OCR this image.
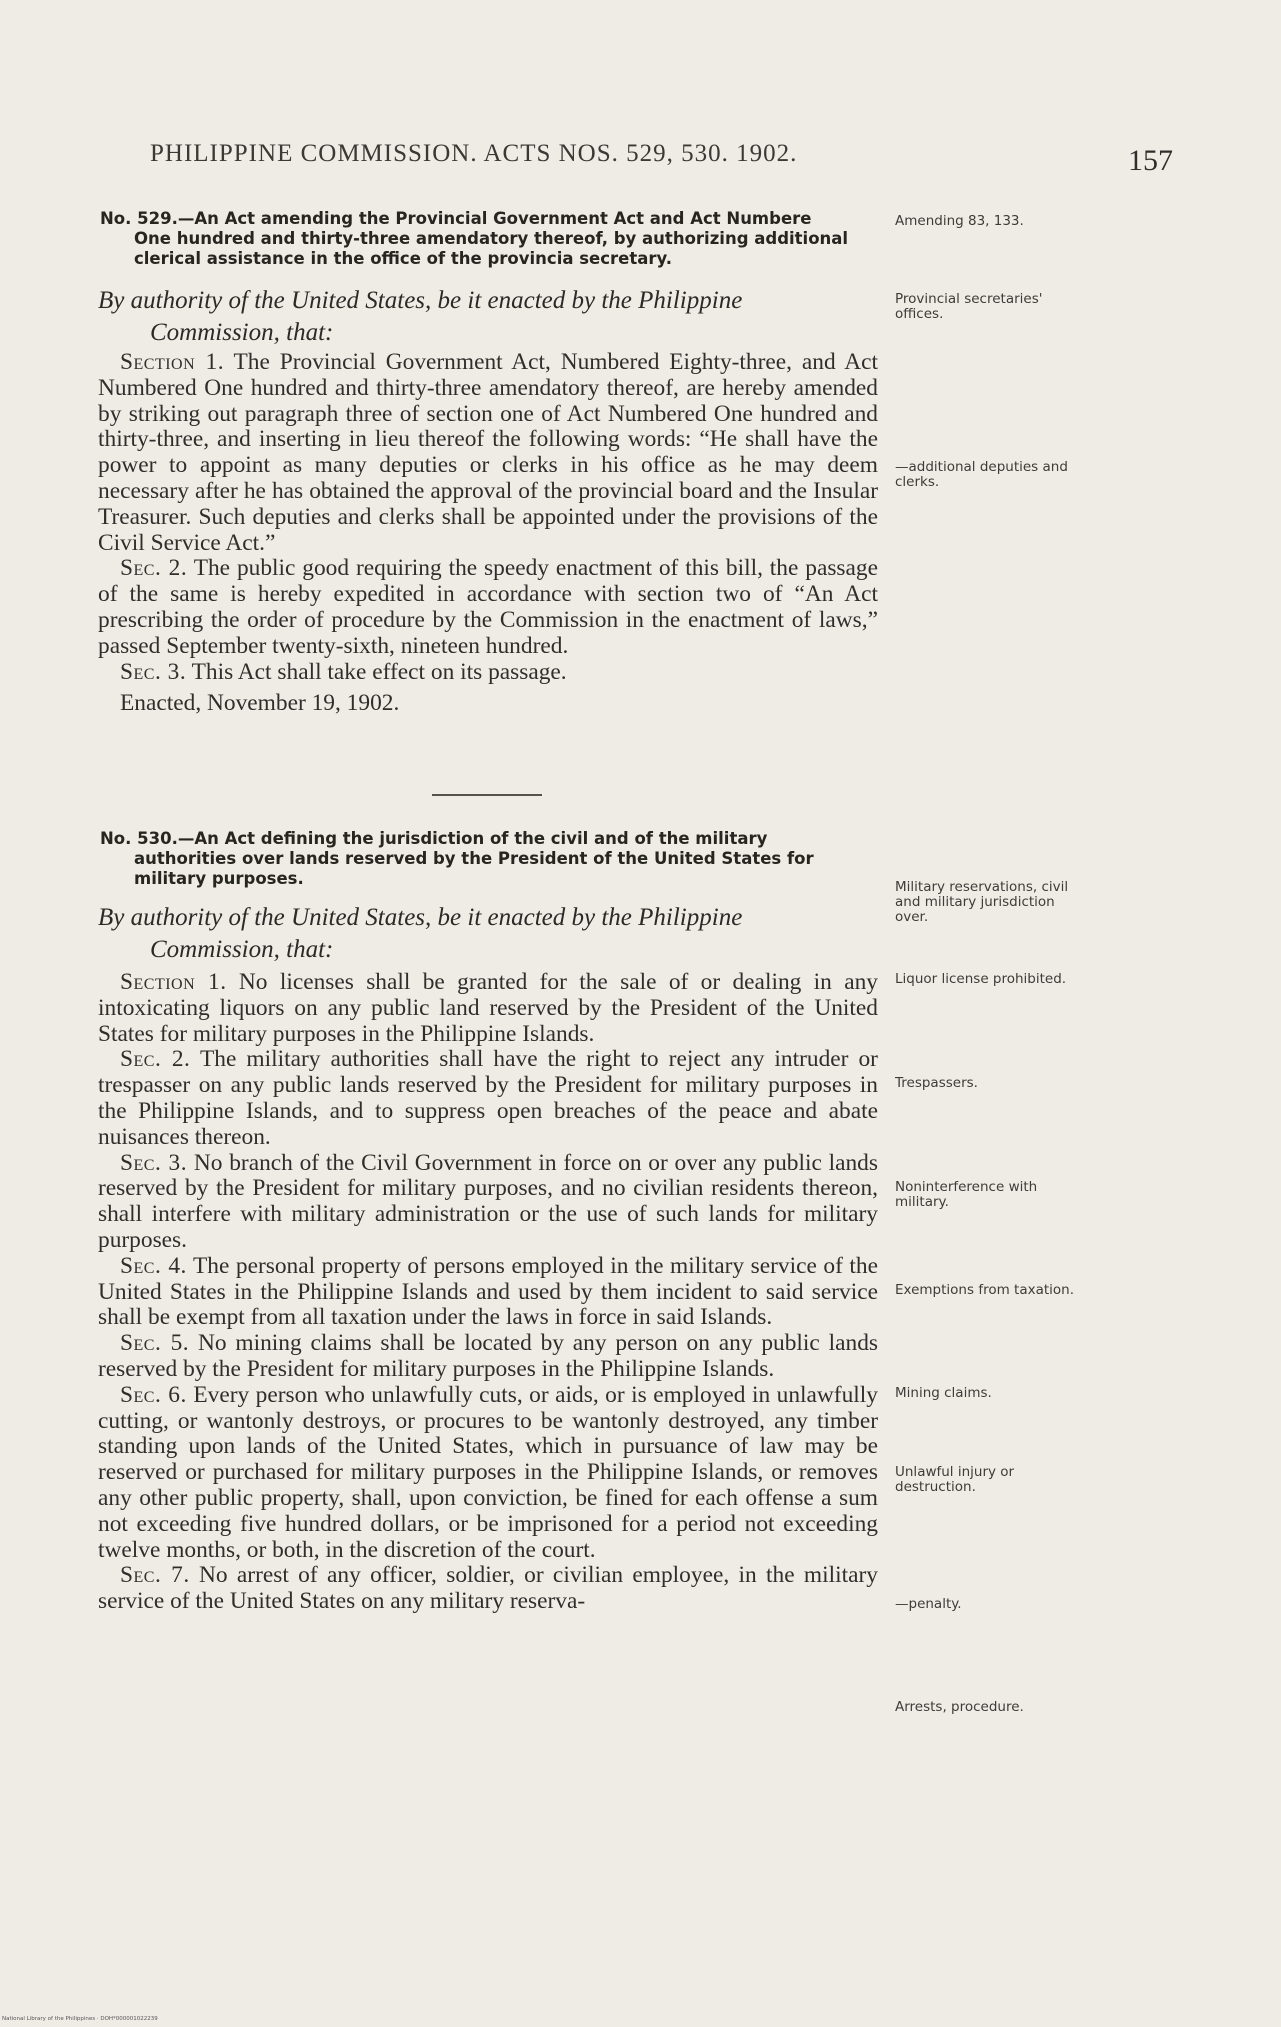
PHILIPPINE COMMISSION. ACTS NOS. 529, 530. 1902.	157
No. 529.—An Act amending the Provincial Government Act and Act Numbere
One hundred and thirty-three amendatory thereof, by authorizing additional clerical assistance in the office of the provincia secretary.
By authority of the United States, be it enacted by the Philippine
Commission, that:

Section 1. The Provincial Government Act, Numbered Eighty-three, and Act Numbered One hundred and thirty-three amendatory thereof, are hereby amended by striking out paragraph three of section one of Act Numbered One hundred and thirty-three, and inserting in lieu thereof the following words: “He shall have the power to appoint as many deputies or clerks in his office as he may deem necessary after he has obtained the approval of the provincial board and the Insular Treasurer. Such deputies and clerks shall be appointed under the provisions of the Civil Service Act.”

Sec. 2. The public good requiring the speedy enactment of this bill, the passage of the same is hereby expedited in accordance with section two of “An Act prescribing the order of procedure by the Commission in the enactment of laws,” passed September twenty-sixth, nineteen hundred.

Sec. 3. This Act shall take effect on its passage.

Enacted, November 19, 1902.

No. 530.—An Act defining the jurisdiction of the civil and of the military
authorities over lands reserved by the President of the United States for military purposes.
By authority of the United States, be it enacted by the Philippine
Commission, that:

Section 1. No licenses shall be granted for the sale of or dealing in any intoxicating liquors on any public land reserved by the President of the United States for military purposes in the Philippine Islands.

Sec. 2. The military authorities shall have the right to reject any intruder or trespasser on any public lands reserved by the President for military purposes in the Philippine Islands, and to suppress open breaches of the peace and abate nuisances thereon.

Sec. 3. No branch of the Civil Government in force on or over any public lands reserved by the President for military purposes, and no civilian residents thereon, shall interfere with military administration or the use of such lands for military purposes.

Sec. 4. The personal property of persons employed in the military service of the United States in the Philippine Islands and used by them incident to said service shall be exempt from all taxation under the laws in force in said Islands.

Sec. 5. No mining claims shall be located by any person on any public lands reserved by the President for military purposes in the Philippine Islands.

Sec. 6. Every person who unlawfully cuts, or aids, or is employed in unlawfully cutting, or wantonly destroys, or procures to be wantonly destroyed, any timber standing upon lands of the United States, which in pursuance of law may be reserved or purchased for military purposes in the Philippine Islands, or removes any other public property, shall, upon conviction, be fined for each offense a sum not exceeding five hundred dollars, or be imprisoned for a period not exceeding twelve months, or both, in the discretion of the court.

Sec. 7. No arrest of any officer, soldier, or civilian employee, in the military service of the United States on any military reserva-

Amending 83, 133.
Provincial secretaries' offices.
—additional deputies and clerks.
Military reservations, civil and military jurisdiction over.
Liquor license prohibited.
Trespassers.
Noninterference with military.
Exemptions from taxation.
Mining claims.
Unlawful injury or destruction.
—penalty.
Arrests, procedure.
National Library of the Philippines · DOH*000001022239
